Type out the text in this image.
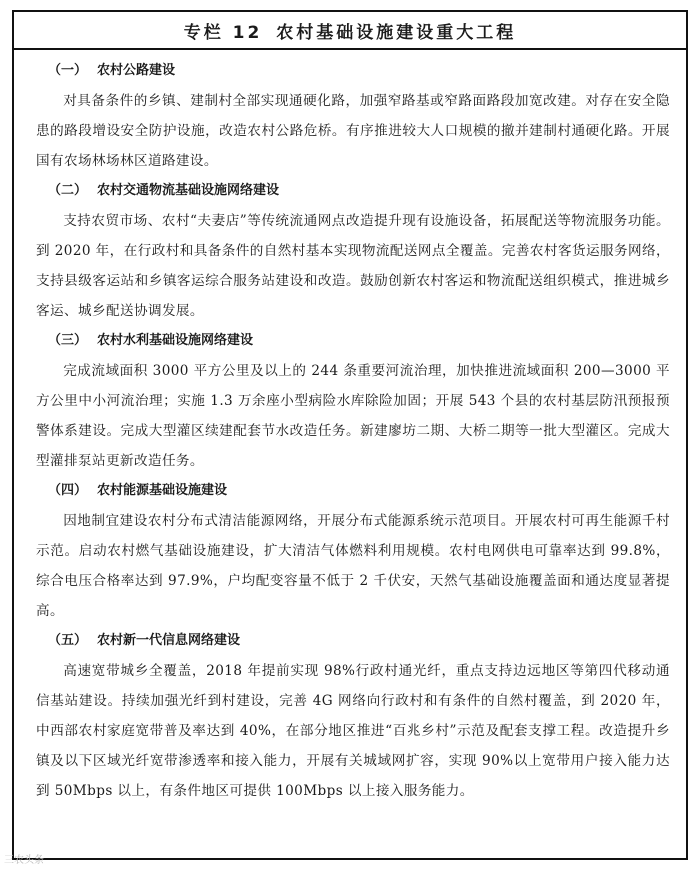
专栏 12 农村基础设施建设重大工程
（一） 农村公路建设

对具备条件的乡镇、建制村全部实现通硬化路，加强窄路基或窄路面路段加宽改建。对存在安全隐患的路段增设安全防护设施，改造农村公路危桥。有序推进较大人口规模的撤并建制村通硬化路。开展国有农场林场林区道路建设。

（二） 农村交通物流基础设施网络建设

支持农贸市场、农村“夫妻店”等传统流通网点改造提升现有设施设备，拓展配送等物流服务功能。到 2020 年，在行政村和具备条件的自然村基本实现物流配送网点全覆盖。完善农村客货运服务网络，支持县级客运站和乡镇客运综合服务站建设和改造。鼓励创新农村客运和物流配送组织模式，推进城乡客运、城乡配送协调发展。

（三） 农村水利基础设施网络建设

完成流域面积 3000 平方公里及以上的 244 条重要河流治理，加快推进流域面积 200—3000 平方公里中小河流治理；实施 1.3 万余座小型病险水库除险加固；开展 543 个县的农村基层防汛预报预警体系建设。完成大型灌区续建配套节水改造任务。新建廖坊二期、大桥二期等一批大型灌区。完成大型灌排泵站更新改造任务。

（四） 农村能源基础设施建设

因地制宜建设农村分布式清洁能源网络，开展分布式能源系统示范项目。开展农村可再生能源千村示范。启动农村燃气基础设施建设，扩大清洁气体燃料利用规模。农村电网供电可靠率达到 99.8%，综合电压合格率达到 97.9%，户均配变容量不低于 2 千伏安，天然气基础设施覆盖面和通达度显著提高。

（五） 农村新一代信息网络建设

高速宽带城乡全覆盖，2018 年提前实现 98%行政村通光纤，重点支持边远地区等第四代移动通信基站建设。持续加强光纤到村建设，完善 4G 网络向行政村和有条件的自然村覆盖，到 2020 年，中西部农村家庭宽带普及率达到 40%，在部分地区推进“百兆乡村”示范及配套支撑工程。改造提升乡镇及以下区域光纤宽带渗透率和接入能力，开展有关城域网扩容，实现 90%以上宽带用户接入能力达到 50Mbps 以上，有条件地区可提供 100Mbps 以上接入服务能力。

三农头条
